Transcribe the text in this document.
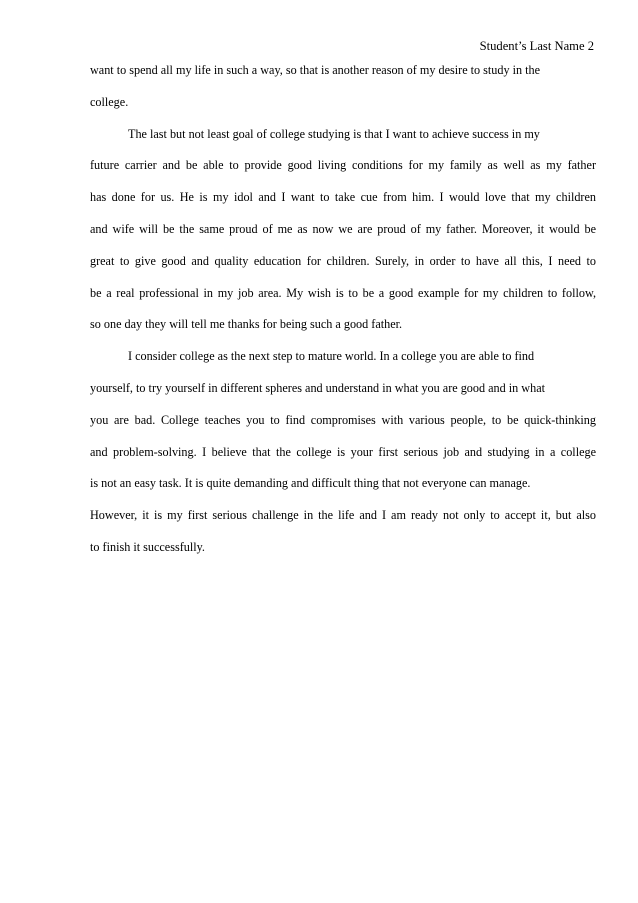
Student’s Last Name 2
want to spend all my life in such a way, so that is another reason of my desire to study in the
college.
The last but not least goal of college studying is that I want to achieve success in my
future carrier and be able to provide good living conditions for my family as well as my father
has done for us. He is my idol and I want to take cue from him. I would love that my children
and wife will be the same proud of me as now we are proud of my father. Moreover, it would be
great to give good and quality education for children. Surely, in order to have all this, I need to
be a real professional in my job area. My wish is to be a good example for my children to follow,
so one day they will tell me thanks for being such a good father.
I consider college as the next step to mature world. In a college you are able to find
yourself, to try yourself in different spheres and understand in what you are good and in what
you are bad. College teaches you to find compromises with various people, to be quick-thinking
and problem-solving. I believe that the college is your first serious job and studying in a college
is not an easy task. It is quite demanding and difficult thing that not everyone can manage.
However, it is my first serious challenge in the life and I am ready not only to accept it, but also
to finish it successfully.
